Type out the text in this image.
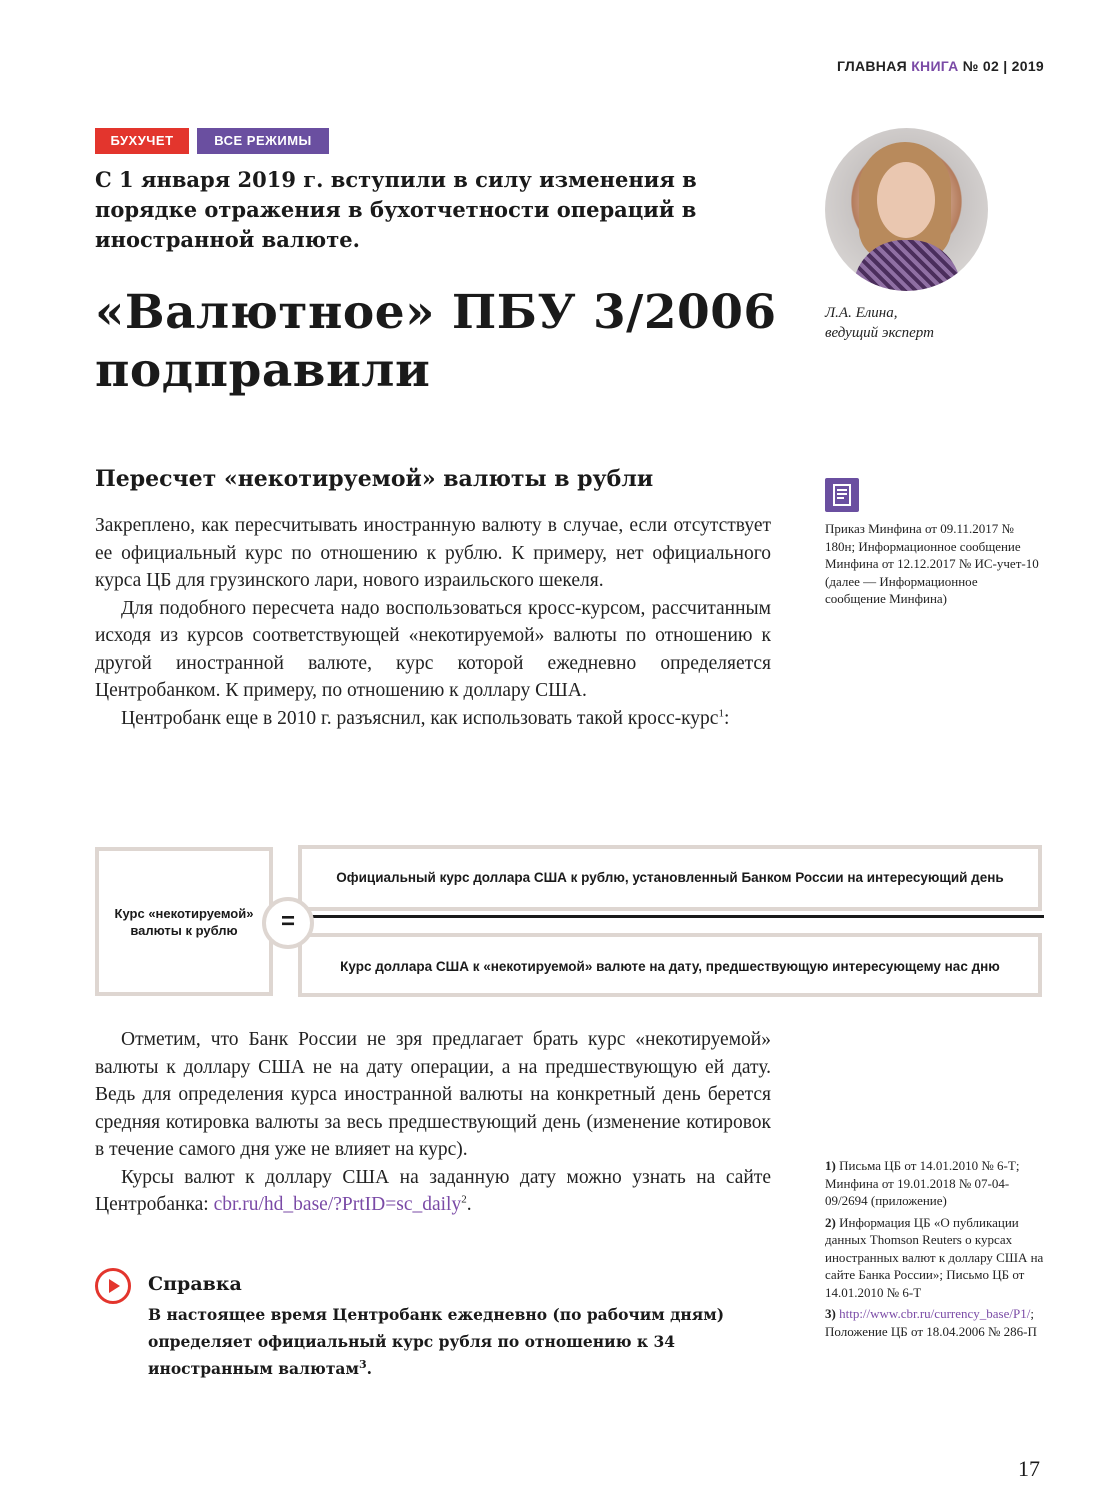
ГЛАВНАЯ КНИГА № 02 | 2019
БУХУЧЕТ	ВСЕ РЕЖИМЫ
С 1 января 2019 г. вступили в силу изменения в порядке отражения в бухотчетности операций в иностранной валюте.
«Валютное» ПБУ 3/2006
подправили
Л.А. Елина,
ведущий эксперт
Пересчет «некотируемой» валюты в рубли

Закреплено, как пересчитывать иностранную валюту в случае, если отсутствует ее официальный курс по отношению к рублю. К примеру, нет официального курса ЦБ для грузинского лари, нового израильского шекеля.

Для подобного пересчета надо воспользоваться кросс-курсом, рассчитанным исходя из курсов соответствующей «некотируемой» валюты по отношению к другой иностранной валюте, курс которой ежедневно определяется Центробанком. К примеру, по отношению к доллару США.

Центробанк еще в 2010 г. разъяснил, как использовать такой кросс-курс$^1$:

Приказ Минфина от 09.11.2017 № 180н; Информационное сообщение Минфина от 12.12.2017 № ИС-учет-10 (далее — Информационное сообщение Минфина)
Курс «некотируемой» валюты к рублю
Официальный курс доллара США к рублю, установленный Банком России на интересующий день
Курс доллара США к «некотируемой» валюте на дату, предшествующую интересующему нас дню
=

Отметим, что Банк России не зря предлагает брать курс «некотируемой» валюты к доллару США не на дату операции, а на предшествующую ей дату. Ведь для определения курса иностранной валюты на конкретный день берется средняя котировка валюты за весь предшествующий день (изменение котировок в течение самого дня уже не влияет на курс).

Курсы валют к доллару США на заданную дату можно узнать на сайте Центробанка: cbr.ru/hd_base/?PrtID=sc_daily$^2$.

Справка
В настоящее время Центробанк ежедневно (по рабочим дням) определяет официальный курс рубля по отношению к 34 иностранным валютам$^3$.

1) Письма ЦБ от 14.01.2010 № 6-Т; Минфина от 19.01.2018 № 07-04-09/2694 (приложение)

2) Информация ЦБ «О публикации данных Thomson Reuters о курсах иностранных валют к доллару США на сайте Банка России»; Письмо ЦБ от 14.01.2010 № 6-Т

3) http://www.cbr.ru/currency_base/P1/; Положение ЦБ от 18.04.2006 № 286-П

17
